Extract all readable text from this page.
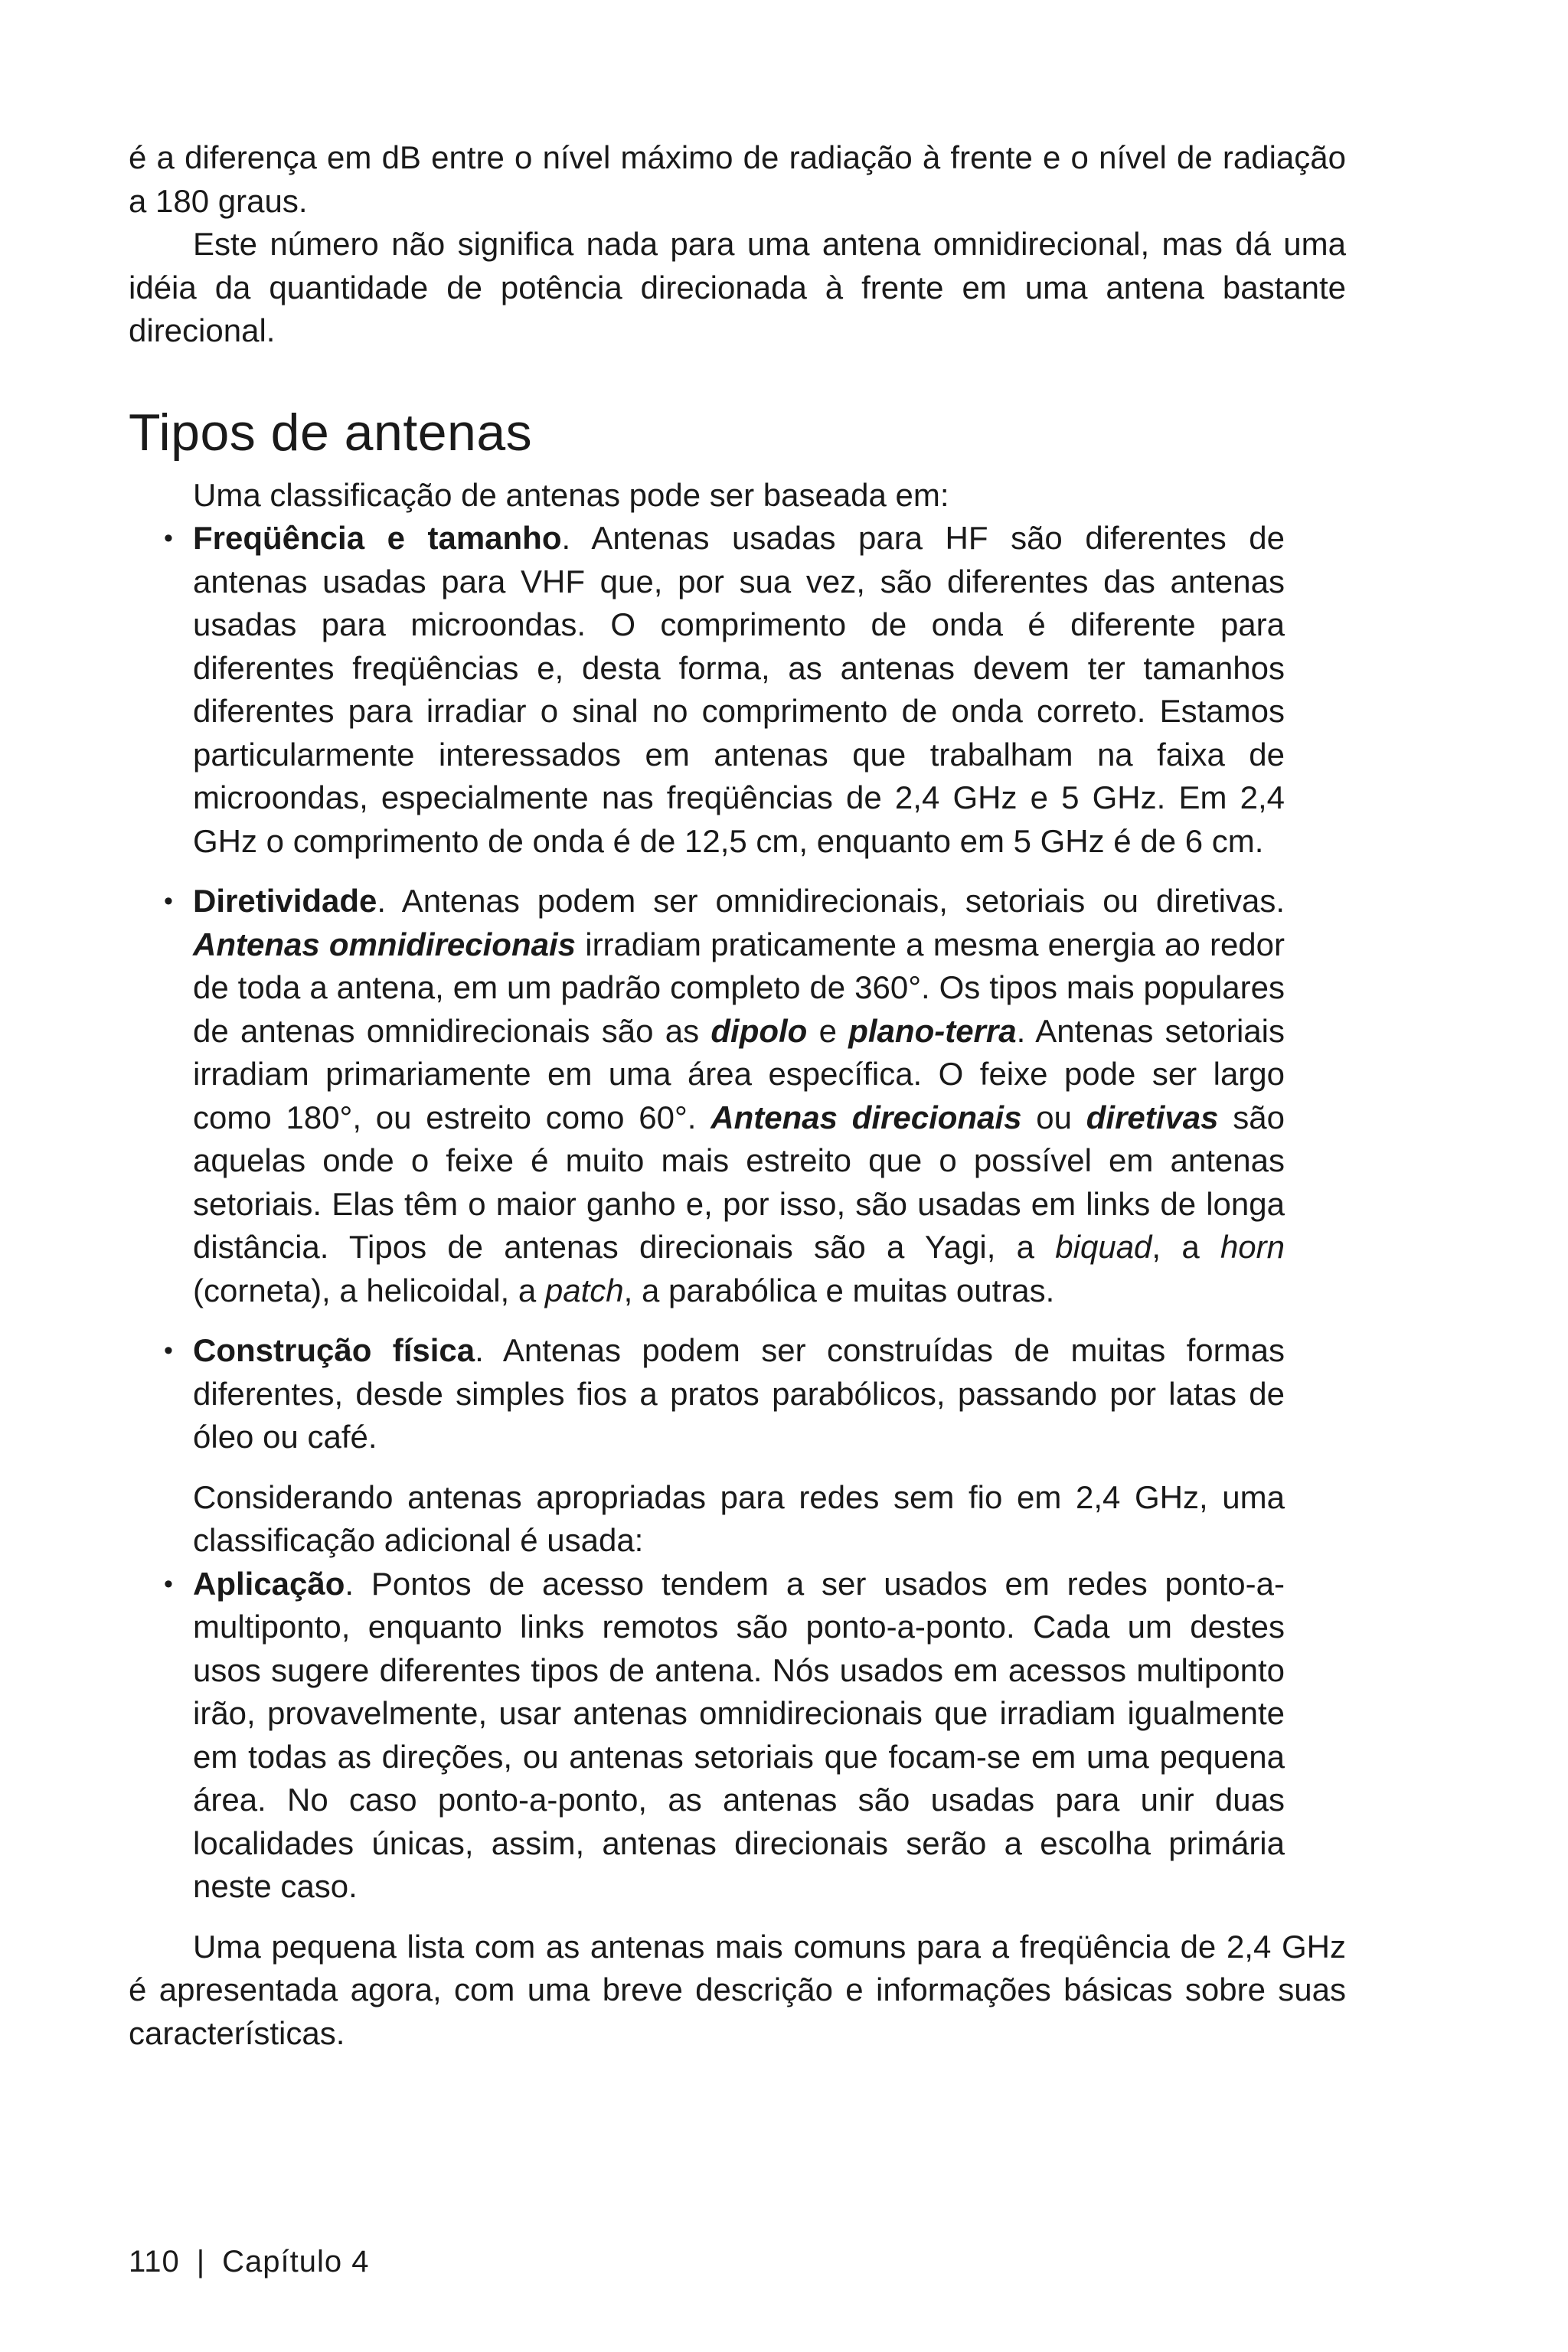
é a diferença em dB entre o nível máximo de radiação à frente e o nível de radiação a 180 graus.

Este número não significa nada para uma antena omnidirecional, mas dá uma idéia da quantidade de potência direcionada à frente em uma antena bastante direcional.

Tipos de antenas

Uma classificação de antenas pode ser baseada em:

• Freqüência e tamanho. Antenas usadas para HF são diferentes de antenas usadas para VHF que, por sua vez, são diferentes das antenas usadas para microondas. O comprimento de onda é diferente para diferentes freqüências e, desta forma, as antenas devem ter tamanhos diferentes para irradiar o sinal no comprimento de onda correto. Estamos particularmente interessados em antenas que trabalham na faixa de microondas, especialmente nas freqüências de 2,4 GHz e 5 GHz. Em 2,4 GHz o comprimento de onda é de 12,5 cm, enquanto em 5 GHz é de 6 cm.
• Diretividade. Antenas podem ser omnidirecionais, setoriais ou diretivas. Antenas omnidirecionais irradiam praticamente a mesma energia ao redor de toda a antena, em um padrão completo de 360°. Os tipos mais populares de antenas omnidirecionais são as dipolo e plano-terra. Antenas setoriais irradiam primariamente em uma área específica. O feixe pode ser largo como 180°, ou estreito como 60°. Antenas direcionais ou diretivas são aquelas onde o feixe é muito mais estreito que o possível em antenas setoriais. Elas têm o maior ganho e, por isso, são usadas em links de longa distância. Tipos de antenas direcionais são a Yagi, a biquad, a horn (corneta), a helicoidal, a patch, a parabólica e muitas outras.
• Construção física. Antenas podem ser construídas de muitas formas diferentes, desde simples fios a pratos parabólicos, passando por latas de óleo ou café.

Considerando antenas apropriadas para redes sem fio em 2,4 GHz, uma classificação adicional é usada:

• Aplicação. Pontos de acesso tendem a ser usados em redes ponto-a-multiponto, enquanto links remotos são ponto-a-ponto. Cada um destes usos sugere diferentes tipos de antena. Nós usados em acessos multiponto irão, provavelmente, usar antenas omnidirecionais que irradiam igualmente em todas as direções, ou antenas setoriais que focam-se em uma pequena área. No caso ponto-a-ponto, as antenas são usadas para unir duas localidades únicas, assim, antenas direcionais serão a escolha primária neste caso.

Uma pequena lista com as antenas mais comuns para a freqüência de 2,4 GHz é apresentada agora, com uma breve descrição e informações básicas sobre suas características.

110 | Capítulo 4
